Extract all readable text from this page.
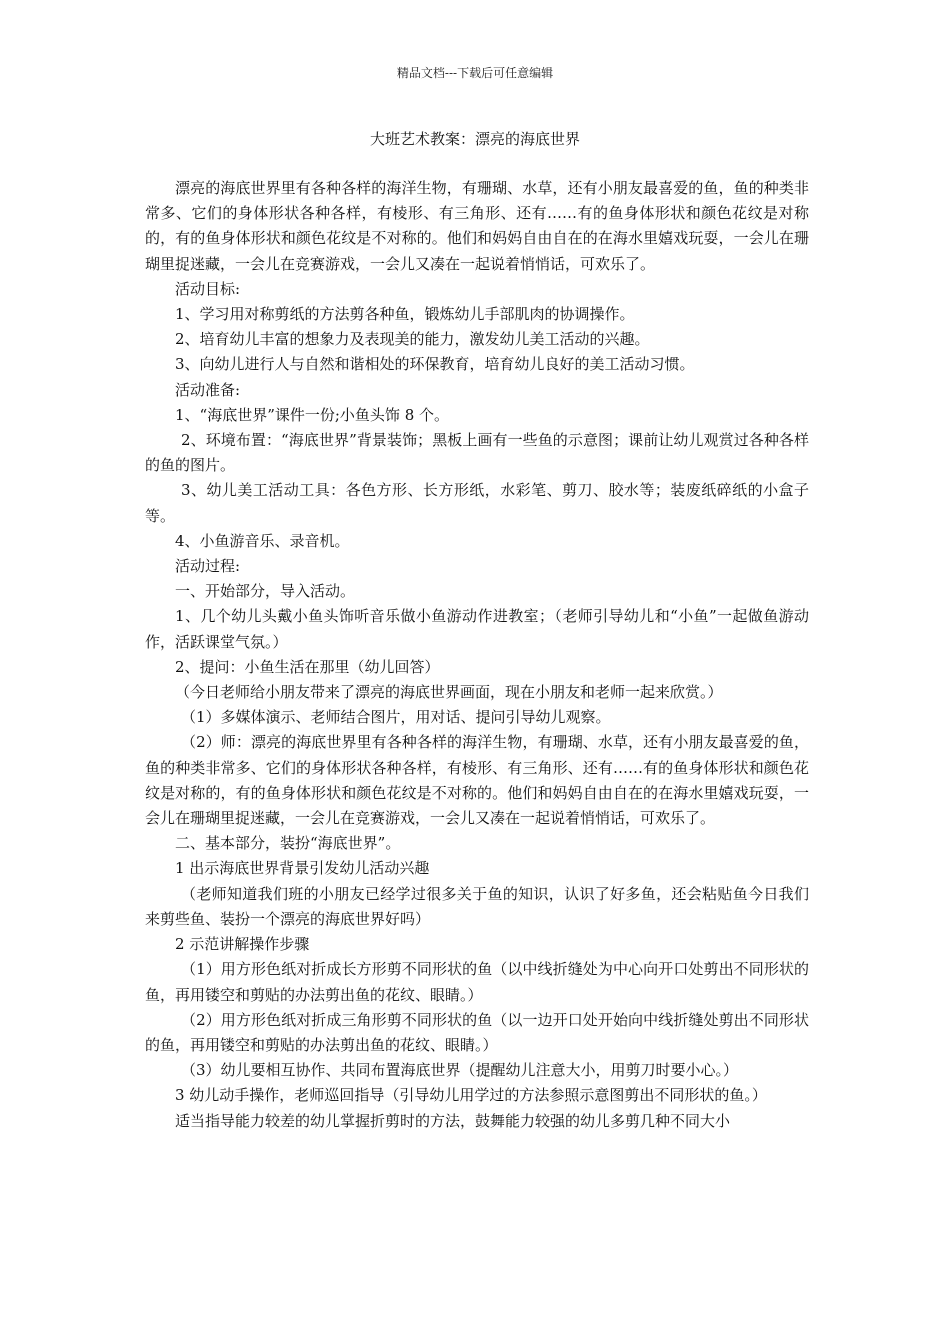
精品文档---下载后可任意编辑
大班艺术教案：漂亮的海底世界

漂亮的海底世界里有各种各样的海洋生物，有珊瑚、水草，还有小朋友最喜爱的鱼，鱼的种类非常多、它们的身体形状各种各样，有棱形、有三角形、还有……有的鱼身体形状和颜色花纹是对称的，有的鱼身体形状和颜色花纹是不对称的。他们和妈妈自由自在的在海水里嬉戏玩耍，一会儿在珊瑚里捉迷藏，一会儿在竞赛游戏，一会儿又凑在一起说着悄悄话，可欢乐了。

活动目标:

1、学习用对称剪纸的方法剪各种鱼，锻炼幼儿手部肌肉的协调操作。

2、培育幼儿丰富的想象力及表现美的能力，激发幼儿美工活动的兴趣。

3、向幼儿进行人与自然和谐相处的环保教育，培育幼儿良好的美工活动习惯。

活动准备:

1、“海底世界”课件一份;小鱼头饰 8 个。

2、环境布置：“海底世界”背景装饰；黑板上画有一些鱼的示意图；课前让幼儿观赏过各种各样的鱼的图片。

3、幼儿美工活动工具：各色方形、长方形纸，水彩笔、剪刀、胶水等；装废纸碎纸的小盒子等。

4、小鱼游音乐、录音机。

活动过程:

一、开始部分，导入活动。

1、几个幼儿头戴小鱼头饰听音乐做小鱼游动作进教室；（老师引导幼儿和“小鱼”一起做鱼游动作，活跃课堂气氛。）

2、提问：小鱼生活在那里（幼儿回答）

（今日老师给小朋友带来了漂亮的海底世界画面，现在小朋友和老师一起来欣赏。）

（1）多媒体演示、老师结合图片，用对话、提问引导幼儿观察。

（2）师：漂亮的海底世界里有各种各样的海洋生物，有珊瑚、水草，还有小朋友最喜爱的鱼，鱼的种类非常多、它们的身体形状各种各样，有棱形、有三角形、还有……有的鱼身体形状和颜色花纹是对称的，有的鱼身体形状和颜色花纹是不对称的。他们和妈妈自由自在的在海水里嬉戏玩耍，一会儿在珊瑚里捉迷藏，一会儿在竞赛游戏，一会儿又凑在一起说着悄悄话，可欢乐了。

二、基本部分，装扮“海底世界”。

1 出示海底世界背景引发幼儿活动兴趣

（老师知道我们班的小朋友已经学过很多关于鱼的知识，认识了好多鱼，还会粘贴鱼今日我们来剪些鱼、装扮一个漂亮的海底世界好吗）

2 示范讲解操作步骤

（1）用方形色纸对折成长方形剪不同形状的鱼（以中线折缝处为中心向开口处剪出不同形状的鱼，再用镂空和剪贴的办法剪出鱼的花纹、眼睛。）

（2）用方形色纸对折成三角形剪不同形状的鱼（以一边开口处开始向中线折缝处剪出不同形状的鱼，再用镂空和剪贴的办法剪出鱼的花纹、眼睛。）

（3）幼儿要相互协作、共同布置海底世界（提醒幼儿注意大小，用剪刀时要小心。）

3 幼儿动手操作，老师巡回指导（引导幼儿用学过的方法参照示意图剪出不同形状的鱼。）

适当指导能力较差的幼儿掌握折剪时的方法，鼓舞能力较强的幼儿多剪几种不同大小
